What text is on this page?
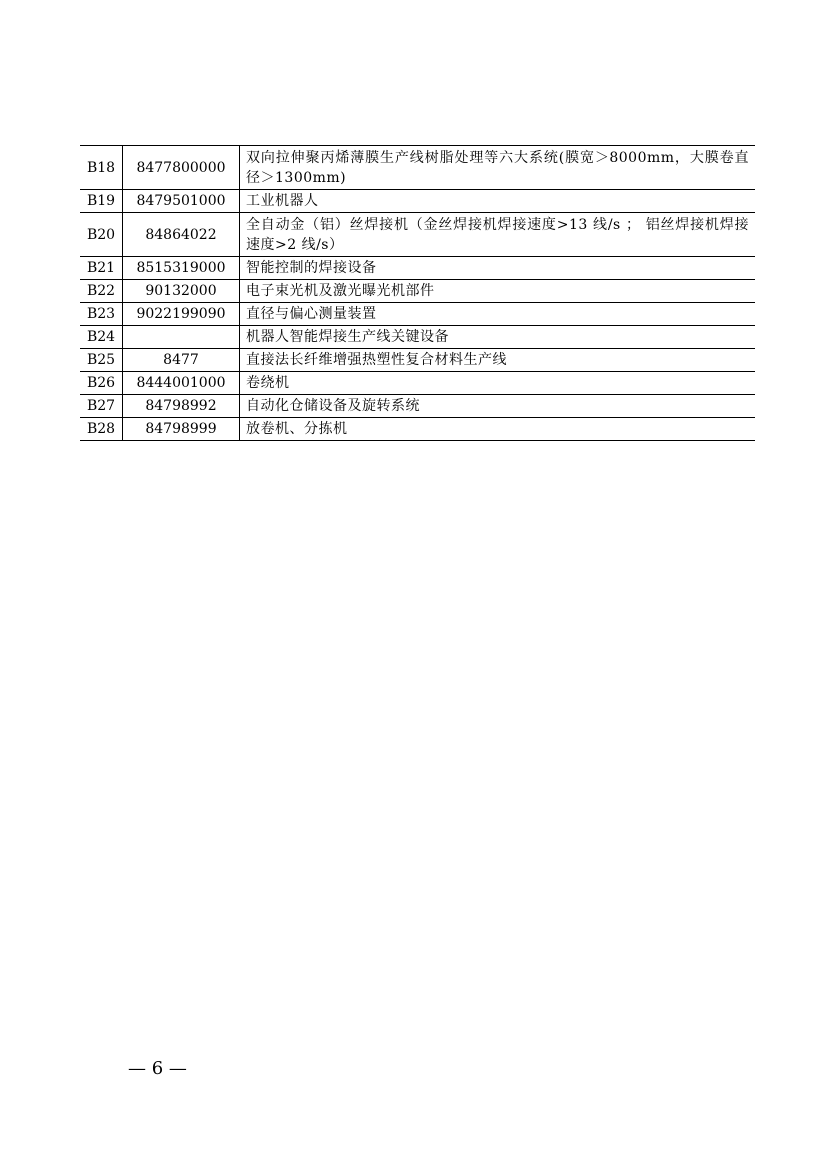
B18	8477800000	双向拉伸聚丙烯薄膜生产线树脂处理等六大系统(膜宽＞8000mm，大膜卷直径＞1300mm)
B19	8479501000	工业机器人
B20	84864022	全自动金（铝）丝焊接机（金丝焊接机焊接速度>13 线/s ； 铝丝焊接机焊接速度>2 线/s）
B21	8515319000	智能控制的焊接设备
B22	90132000	电子束光机及激光曝光机部件
B23	9022199090	直径与偏心测量装置
B24		机器人智能焊接生产线关键设备
B25	8477	直接法长纤维增强热塑性复合材料生产线
B26	8444001000	卷绕机
B27	84798992	自动化仓储设备及旋转系统
B28	84798999	放卷机、分拣机
— 6 —
